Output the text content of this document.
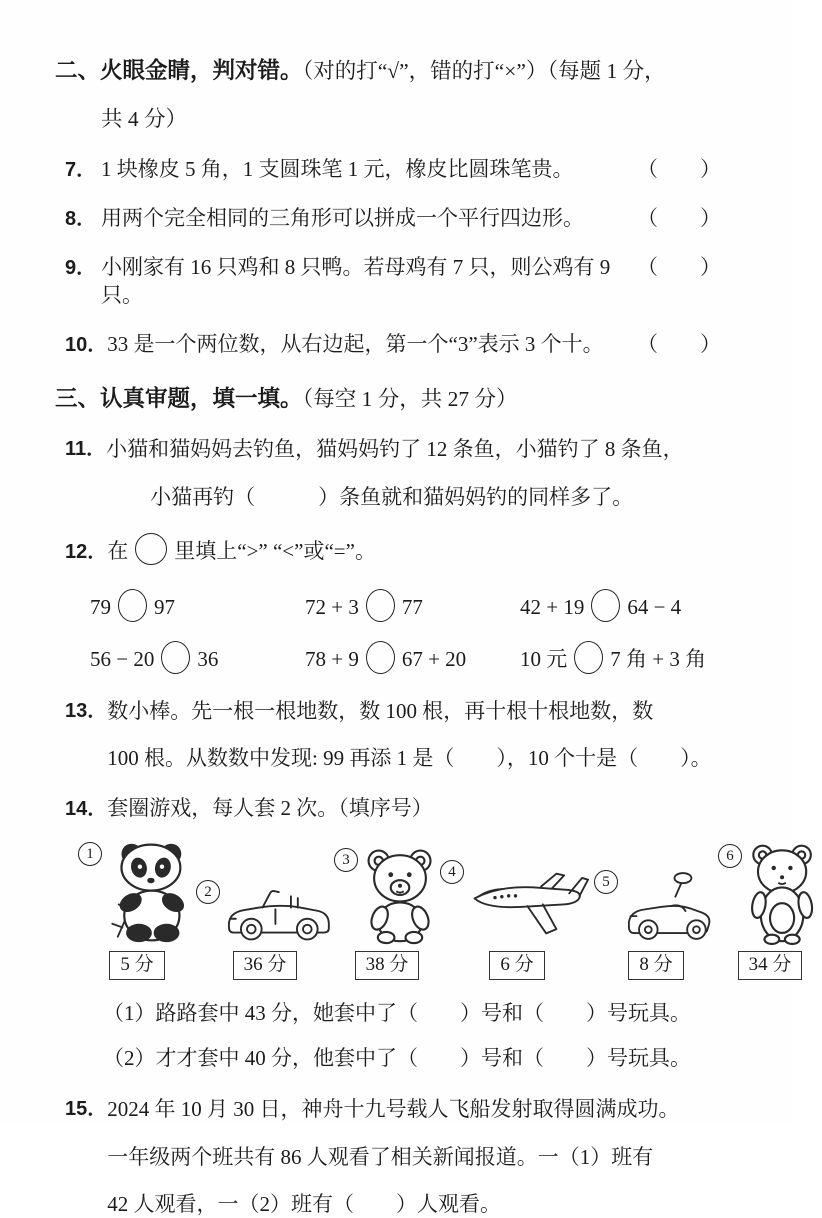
二、火眼金睛，判对错。（对的打“√”，错的打“×”）（每题 1 分，
共 4 分）
7． 1 块橡皮 5 角，1 支圆珠笔 1 元，橡皮比圆珠笔贵。	（　　）
8． 用两个完全相同的三角形可以拼成一个平行四边形。	（　　）
9． 小刚家有 16 只鸡和 8 只鸭。若母鸡有 7 只，则公鸡有 9 只。
（　　）
10． 33 是一个两位数，从右边起，第一个“3”表示 3 个十。	（　　）
三、认真审题，填一填。（每空 1 分，共 27 分）
11． 小猫和猫妈妈去钓鱼，猫妈妈钓了 12 条鱼，小猫钓了 8 条鱼，
小猫再钓（　　　）条鱼就和猫妈妈钓的同样多了。
12． 在 里填上“>” “<”或“=”。
79 97	72 + 3 77	42 + 19 64 − 4
56 − 20 36	78 + 9 67 + 20	10 元 7 角 + 3 角
13． 数小棒。先一根一根地数，数 100 根，再十根十根地数，数
100 根。从数数中发现: 99 再添 1 是（　　），10 个十是（　　）。
14． 套圈游戏，每人套 2 次。（填序号）
1
5 分
2
36 分
3
38 分
4
6 分
5
8 分
6
34 分
（1）路路套中 43 分，她套中了（　　）号和（　　）号玩具。
（2）才才套中 40 分，他套中了（　　）号和（　　）号玩具。
15． 2024 年 10 月 30 日，神舟十九号载人飞船发射取得圆满成功。
一年级两个班共有 86 人观看了相关新闻报道。一（1）班有
42 人观看，一（2）班有（　　）人观看。
